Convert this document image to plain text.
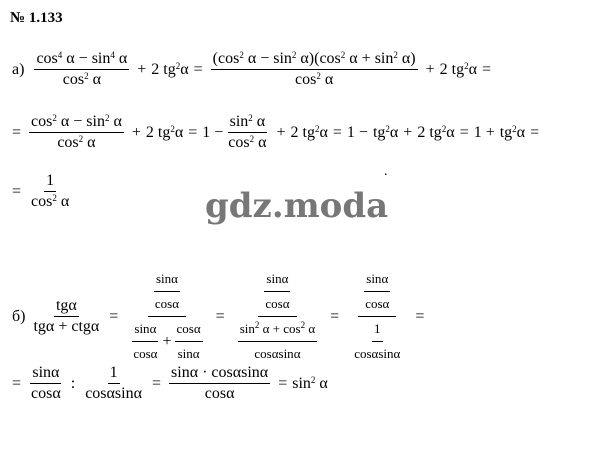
№ 1.133
$а) \frac{\cos^4 \alpha - \sin^4 \alpha}{\cos^2 \alpha} + 2$ $tg^2\alpha = \frac{(\cos^2 \alpha - \sin^2 \alpha)(\cos^2 \alpha + \sin^2 \alpha)}{\cos^2 \alpha} + 2$ $tg^2\alpha$ =
= $\frac{\cos^2 \alpha - \sin^2 \alpha}{\cos^2 \alpha} + 2$ $tg^2\alpha = 1 - \frac{\sin^2 \alpha}{\cos^2 \alpha} + 2$ $tg^2\alpha = 1 - tg^2\alpha + 2$ $tg^2\alpha = 1 + tg^2\alpha$ =
.
= $\frac{1}{\cos^2 \alpha}$	gdz.moda
$б) \frac{\text{tgα}}{\text{tgα + ctgα}} = \frac{\frac{\sin\alpha}{\cos\alpha}}{\frac{\sin\alpha}{\cos\alpha} + \frac{\cos\alpha}{\sin\alpha}} = \frac{\frac{\sin\alpha}{\cos\alpha}}{\frac{\sin^2 \alpha + \cos^2 \alpha}{\cos\alpha\sin\alpha}} = \frac{\frac{\sin\alpha}{\cos\alpha}}{\frac{1}{\cos\alpha\sin\alpha}}$ =
= $\frac{\sin\alpha}{\cos\alpha}$ : $\frac{1}{\cos\alpha\sin\alpha} = \frac{\sin\alpha \cdot \cos\alpha\sin\alpha}{\cos\alpha} = \sin^2 \alpha$
